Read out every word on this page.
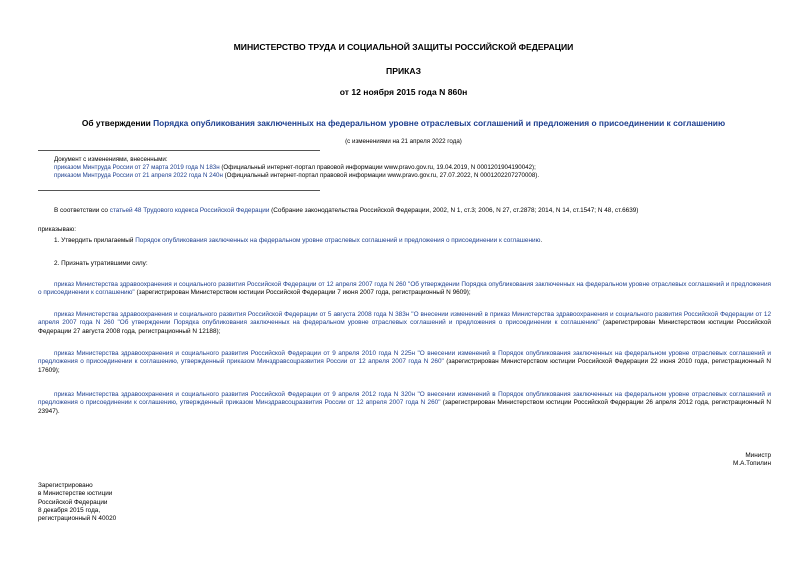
МИНИСТЕРСТВО ТРУДА И СОЦИАЛЬНОЙ ЗАЩИТЫ РОССИЙСКОЙ ФЕДЕРАЦИИ
ПРИКАЗ
от 12 ноября 2015 года N 860н
Об утверждении Порядка опубликования заключенных на федеральном уровне отраслевых соглашений и предложения о присоединении к соглашению
(с изменениями на 21 апреля 2022 года)
Документ с изменениями, внесенными:
приказом Минтруда России от 27 марта 2019 года N 183н (Официальный интернет-портал правовой информации www.pravo.gov.ru, 19.04.2019, N 0001201904190042);
приказом Минтруда России от 21 апреля 2022 года N 240н (Официальный интернет-портал правовой информации www.pravo.gov.ru, 27.07.2022, N 0001202207270008).
В соответствии со статьей 48 Трудового кодекса Российской Федерации (Собрание законодательства Российской Федерации, 2002, N 1, ст.3; 2006, N 27, ст.2878; 2014, N 14, ст.1547; N 48, ст.6639)
приказываю:
1. Утвердить прилагаемый Порядок опубликования заключенных на федеральном уровне отраслевых соглашений и предложения о присоединении к соглашению.
2. Признать утратившими силу:
приказ Министерства здравоохранения и социального развития Российской Федерации от 12 апреля 2007 года N 260 "Об утверждении Порядка опубликования заключенных на федеральном уровне отраслевых соглашений и предложения о присоединении к соглашению" (зарегистрирован Министерством юстиции Российской Федерации 7 июня 2007 года, регистрационный N 9609);
приказ Министерства здравоохранения и социального развития Российской Федерации от 5 августа 2008 года N 383н "О внесении изменений в приказ Министерства здравоохранения и социального развития Российской Федерации от 12 апреля 2007 года N 260 "Об утверждении Порядка опубликования заключенных на федеральном уровне отраслевых соглашений и предложения о присоединении к соглашению" (зарегистрирован Министерством юстиции Российской Федерации 27 августа 2008 года, регистрационный N 12188);
приказ Министерства здравоохранения и социального развития Российской Федерации от 9 апреля 2010 года N 225н "О внесении изменений в Порядок опубликования заключенных на федеральном уровне отраслевых соглашений и предложения о присоединении к соглашению, утвержденный приказом Минздравсоцразвития России от 12 апреля 2007 года N 260" (зарегистрирован Министерством юстиции Российской Федерации 22 июня 2010 года, регистрационный N 17609);
приказ Министерства здравоохранения и социального развития Российской Федерации от 9 апреля 2012 года N 320н "О внесении изменений в Порядок опубликования заключенных на федеральном уровне отраслевых соглашений и предложения о присоединении к соглашению, утвержденный приказом Минздравсоцразвития России от 12 апреля 2007 года N 260" (зарегистрирован Министерством юстиции Российской Федерации 26 апреля 2012 года, регистрационный N 23947).
Министр
М.А.Топилин
Зарегистрировано
в Министерстве юстиции
Российской Федерации
8 декабря 2015 года,
регистрационный N 40020
